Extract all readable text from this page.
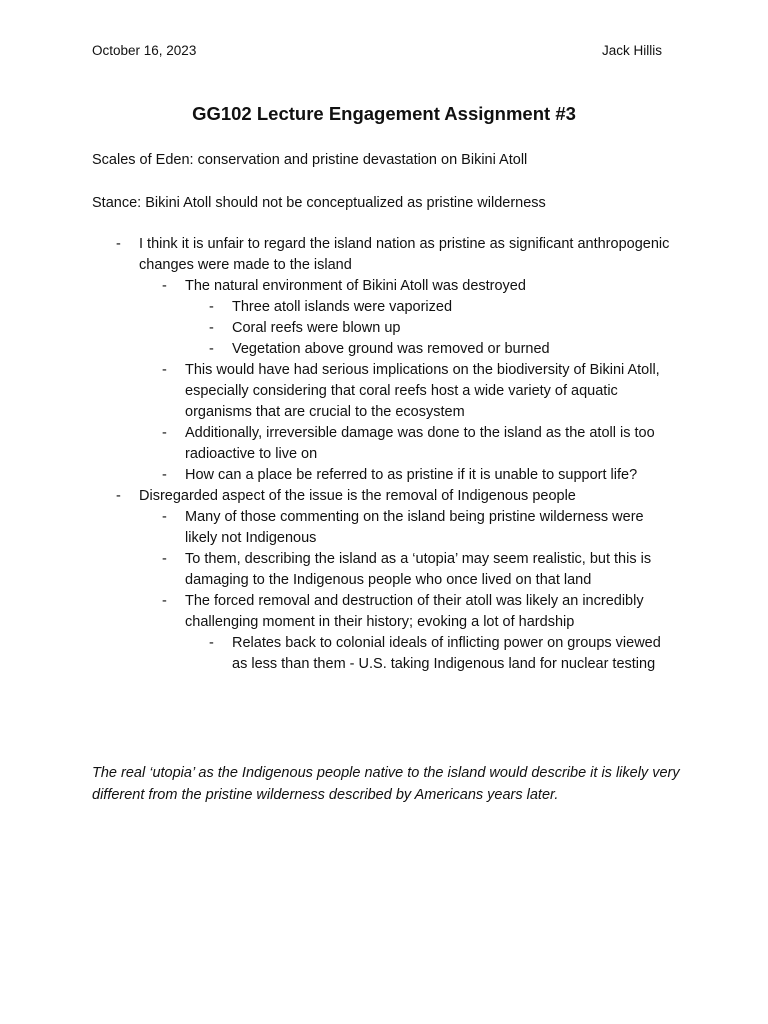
October 16, 2023	Jack Hillis
GG102 Lecture Engagement Assignment #3
Scales of Eden: conservation and pristine devastation on Bikini Atoll
Stance: Bikini Atoll should not be conceptualized as pristine wilderness
- I think it is unfair to regard the island nation as pristine as significant anthropogenic changes were made to the island
- The natural environment of Bikini Atoll was destroyed
- Three atoll islands were vaporized
- Coral reefs were blown up
- Vegetation above ground was removed or burned
- This would have had serious implications on the biodiversity of Bikini Atoll, especially considering that coral reefs host a wide variety of aquatic organisms that are crucial to the ecosystem
- Additionally, irreversible damage was done to the island as the atoll is too radioactive to live on
- How can a place be referred to as pristine if it is unable to support life?
- Disregarded aspect of the issue is the removal of Indigenous people
- Many of those commenting on the island being pristine wilderness were likely not Indigenous
- To them, describing the island as a ‘utopia’ may seem realistic, but this is damaging to the Indigenous people who once lived on that land
- The forced removal and destruction of their atoll was likely an incredibly challenging moment in their history; evoking a lot of hardship
- Relates back to colonial ideals of inflicting power on groups viewed as less than them - U.S. taking Indigenous land for nuclear testing
The real ‘utopia’ as the Indigenous people native to the island would describe it is likely very different from the pristine wilderness described by Americans years later.
